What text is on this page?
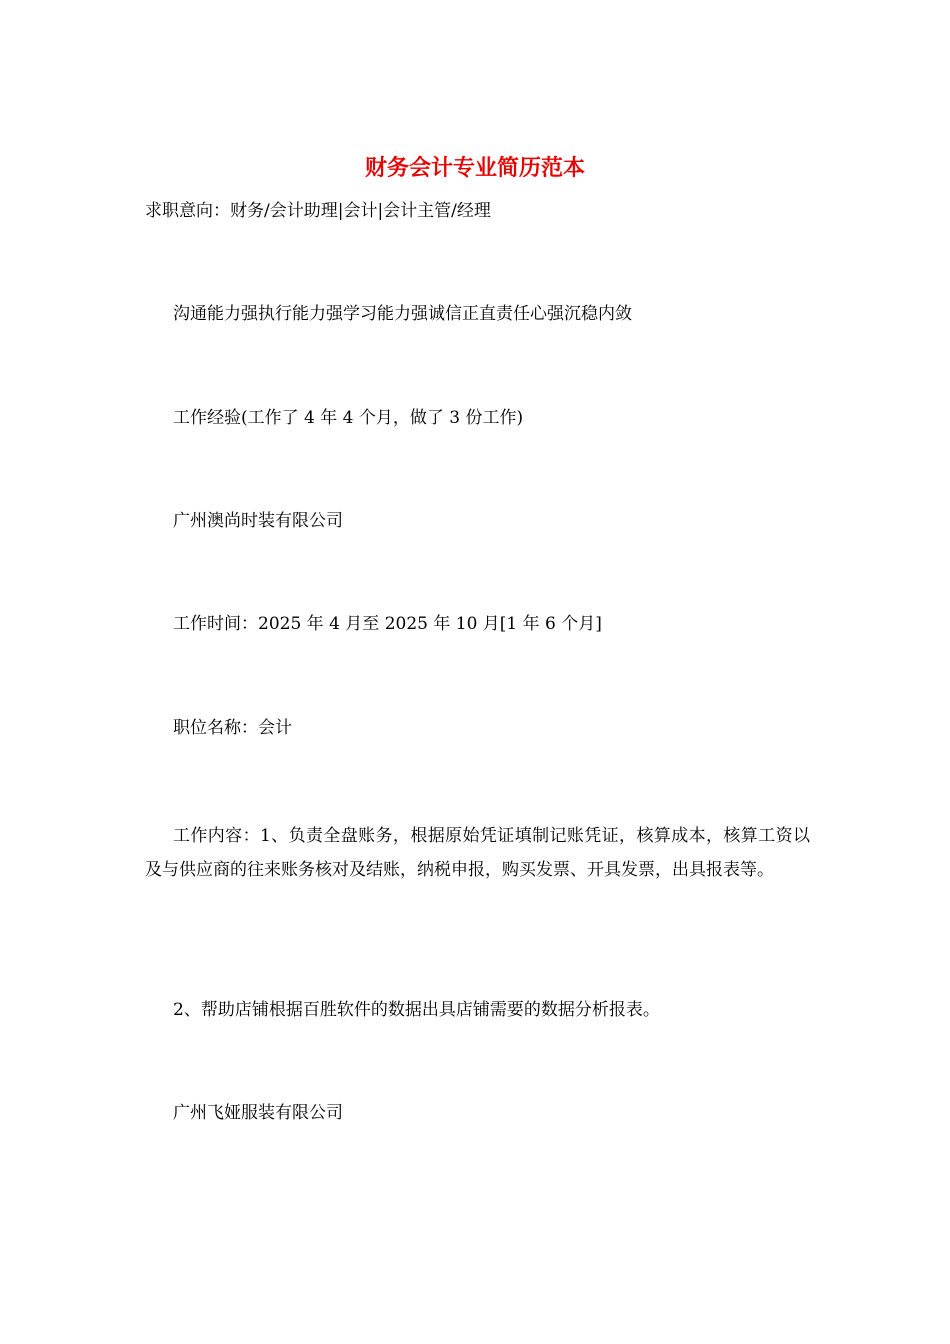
财务会计专业简历范本

求职意向：财务/会计助理|会计|会计主管/经理

沟通能力强执行能力强学习能力强诚信正直责任心强沉稳内敛

工作经验(工作了 4 年 4 个月，做了 3 份工作)

广州澳尚时装有限公司

工作时间：2025 年 4 月至 2025 年 10 月[1 年 6 个月]

职位名称：会计

工作内容：1、负责全盘账务，根据原始凭证填制记账凭证，核算成本，核算工资以及与供应商的往来账务核对及结账，纳税申报，购买发票、开具发票，出具报表等。

2、帮助店铺根据百胜软件的数据出具店铺需要的数据分析报表。

广州飞娅服装有限公司
